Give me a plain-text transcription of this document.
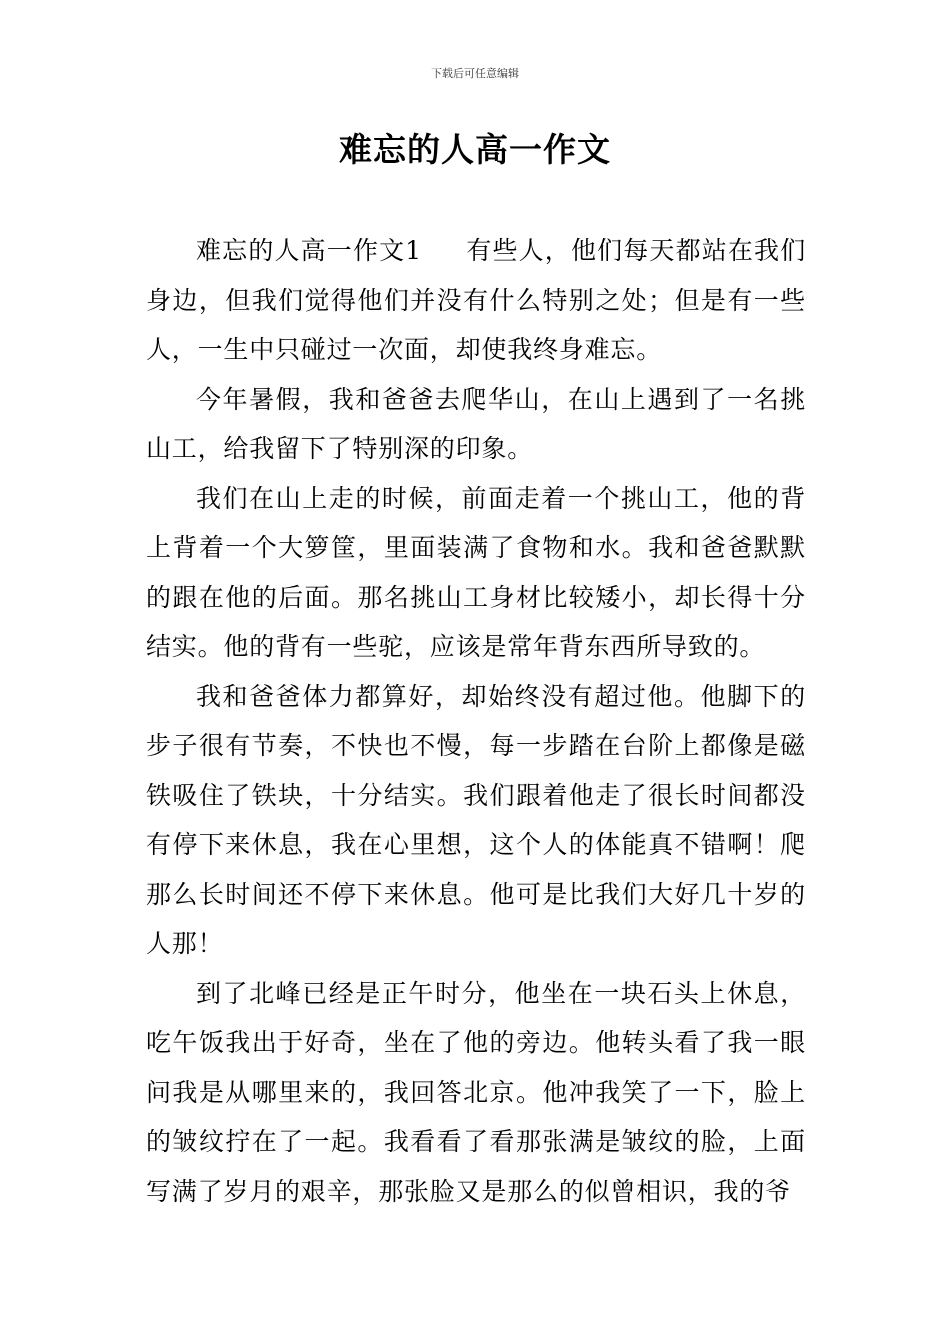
下载后可任意编辑
难忘的人高一作文

难忘的人高一作文1 有些人，他们每天都站在我们身边，但我们觉得他们并没有什么特别之处；但是有一些人，一生中只碰过一次面，却使我终身难忘。

今年暑假，我和爸爸去爬华山，在山上遇到了一名挑山工，给我留下了特别深的印象。

我们在山上走的时候，前面走着一个挑山工，他的背上背着一个大箩筐，里面装满了食物和水。我和爸爸默默的跟在他的后面。那名挑山工身材比较矮小，却长得十分结实。他的背有一些驼，应该是常年背东西所导致的。

我和爸爸体力都算好，却始终没有超过他。他脚下的步子很有节奏，不快也不慢，每一步踏在台阶上都像是磁铁吸住了铁块，十分结实。我们跟着他走了很长时间都没有停下来休息，我在心里想，这个人的体能真不错啊！爬那么长时间还不停下来休息。他可是比我们大好几十岁的人那！

到了北峰已经是正午时分，他坐在一块石头上休息，吃午饭我出于好奇，坐在了他的旁边。他转头看了我一眼问我是从哪里来的，我回答北京。他冲我笑了一下，脸上的皱纹拧在了一起。我看看了看那张满是皱纹的脸，上面写满了岁月的艰辛，那张脸又是那么的似曾相识，我的爷
